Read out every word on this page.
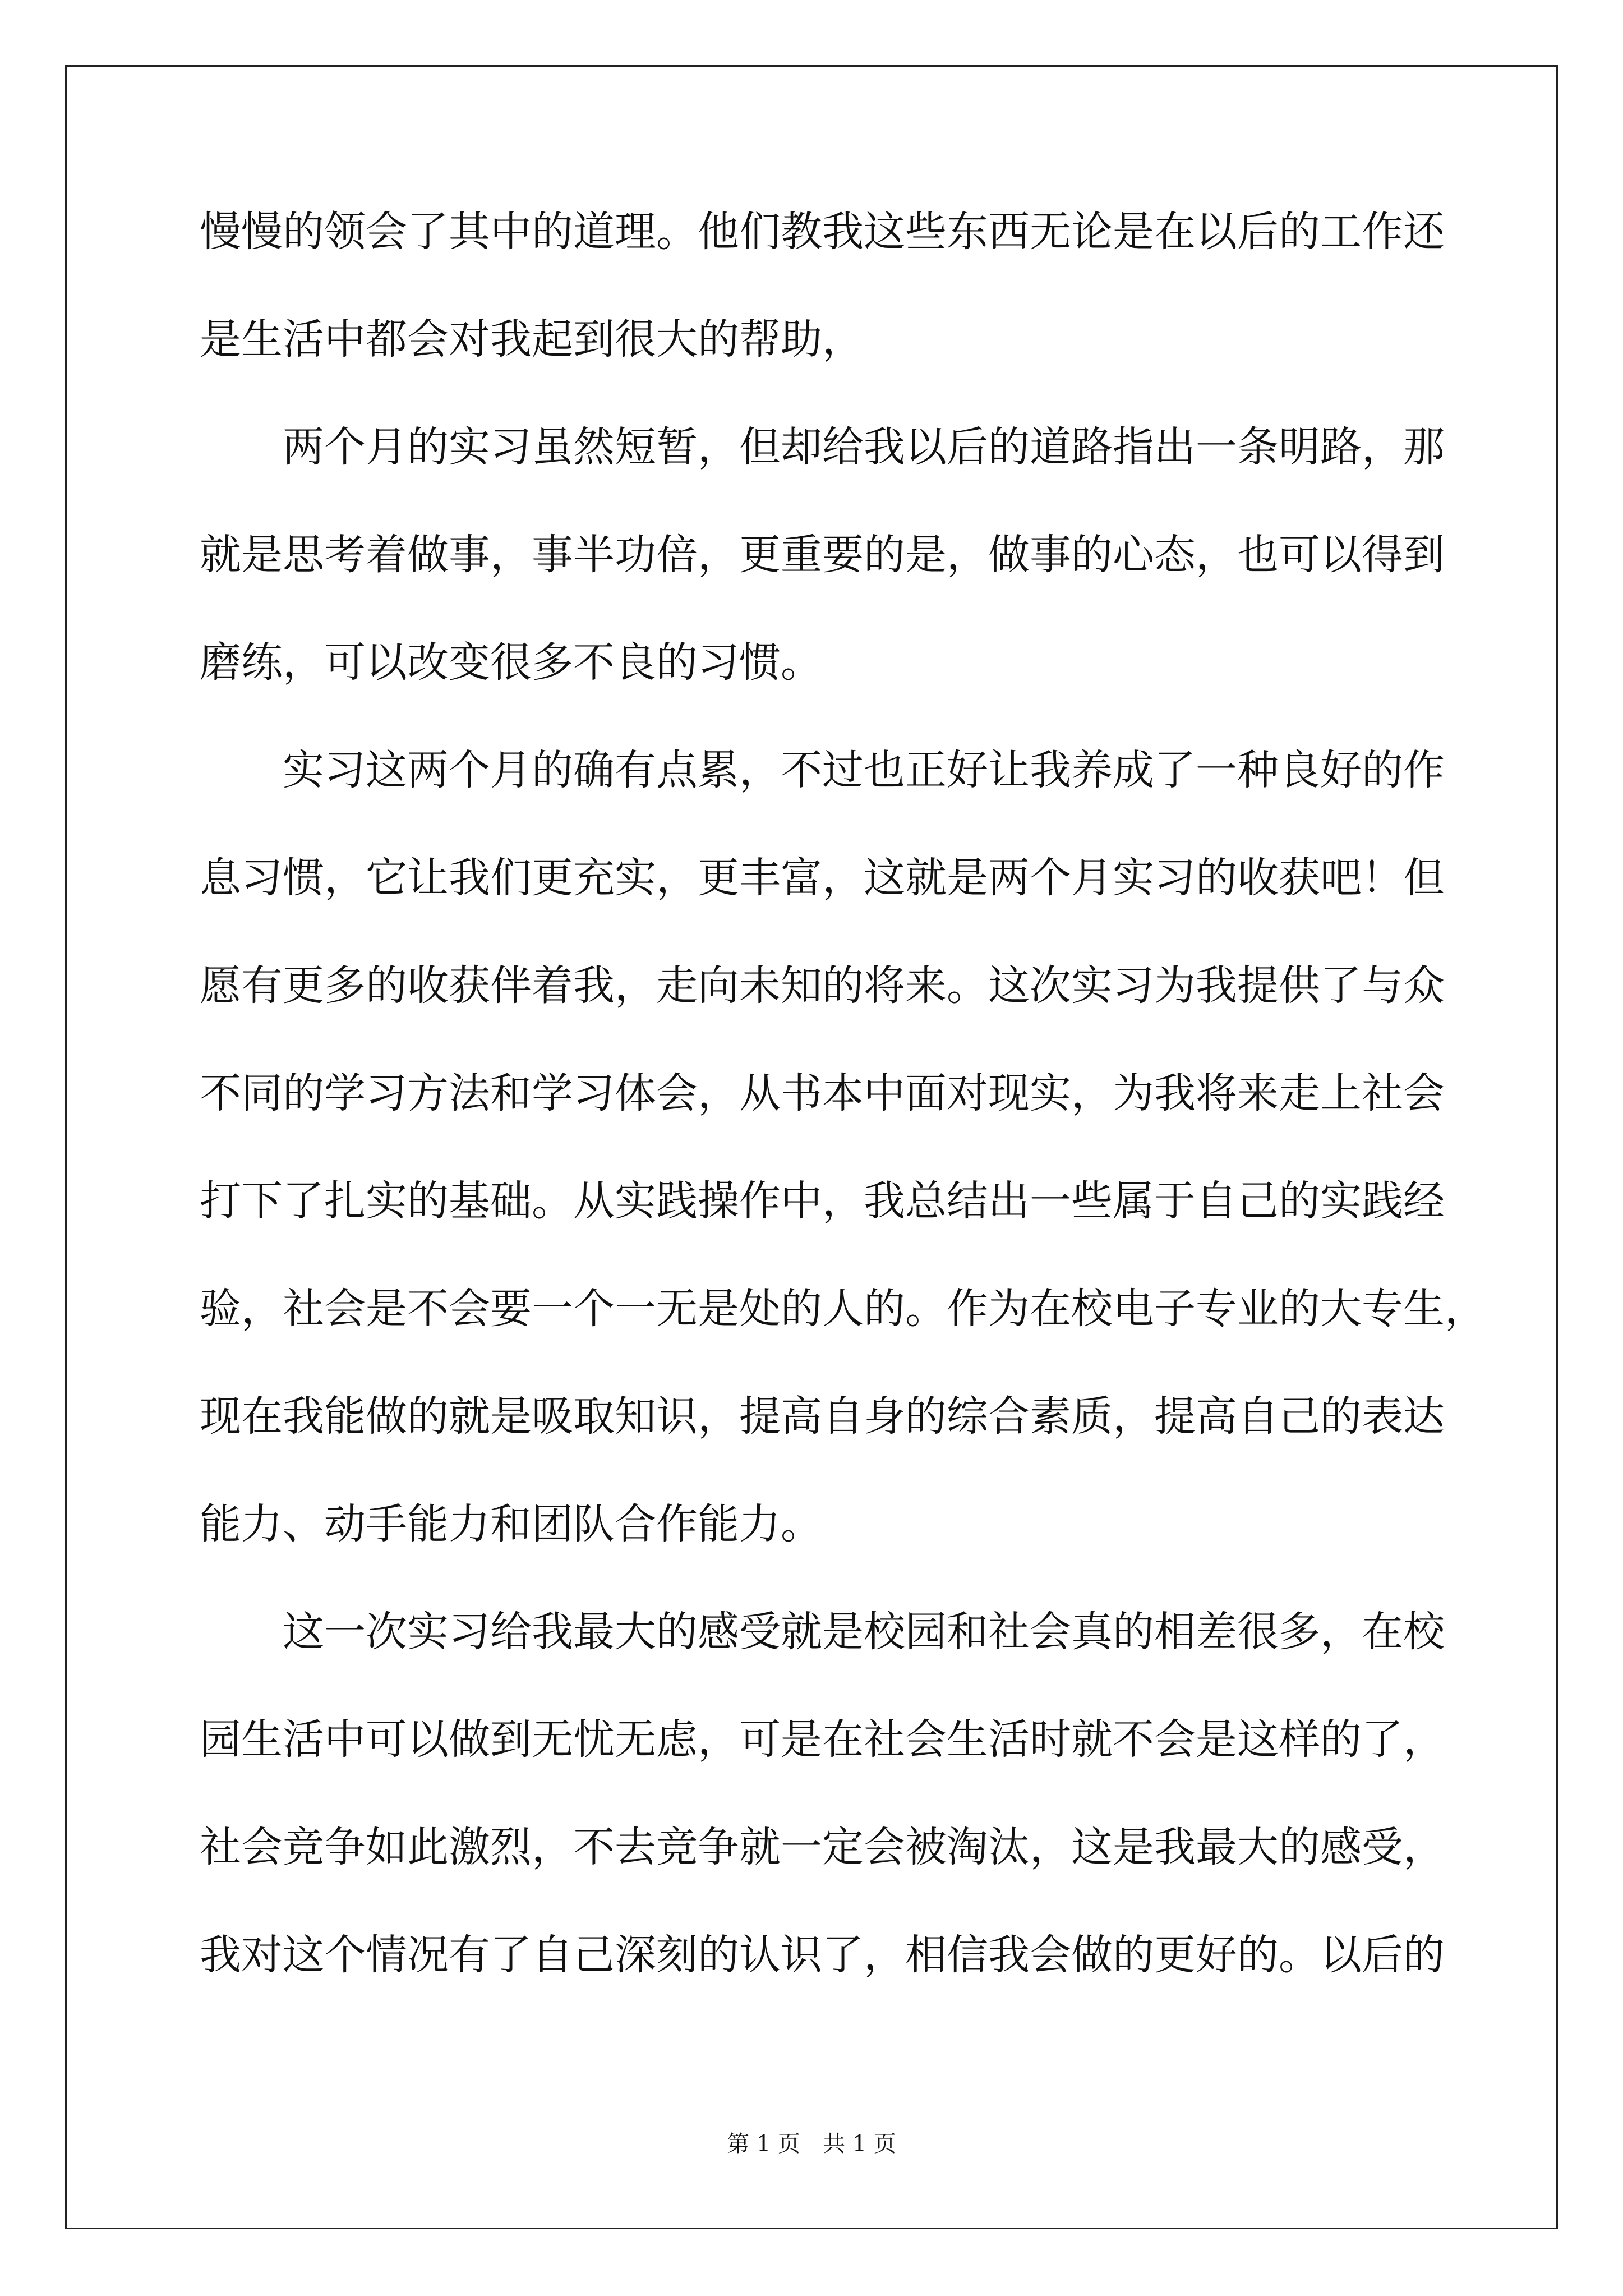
慢慢的领会了其中的道理。他们教我这些东西无论是在以后的工作还
是生活中都会对我起到很大的帮助，
两个月的实习虽然短暂，但却给我以后的道路指出一条明路，那
就是思考着做事，事半功倍，更重要的是，做事的心态，也可以得到
磨练，可以改变很多不良的习惯。
实习这两个月的确有点累，不过也正好让我养成了一种良好的作
息习惯，它让我们更充实，更丰富，这就是两个月实习的收获吧！但
愿有更多的收获伴着我，走向未知的将来。这次实习为我提供了与众
不同的学习方法和学习体会，从书本中面对现实，为我将来走上社会
打下了扎实的基础。从实践操作中，我总结出一些属于自己的实践经
验，社会是不会要一个一无是处的人的。作为在校电子专业的大专生，
现在我能做的就是吸取知识，提高自身的综合素质，提高自己的表达
能力、动手能力和团队合作能力。
这一次实习给我最大的感受就是校园和社会真的相差很多，在校
园生活中可以做到无忧无虑，可是在社会生活时就不会是这样的了，
社会竞争如此激烈，不去竞争就一定会被淘汰，这是我最大的感受，
我对这个情况有了自己深刻的认识了，相信我会做的更好的。以后的
第 1 页　共 1 页
